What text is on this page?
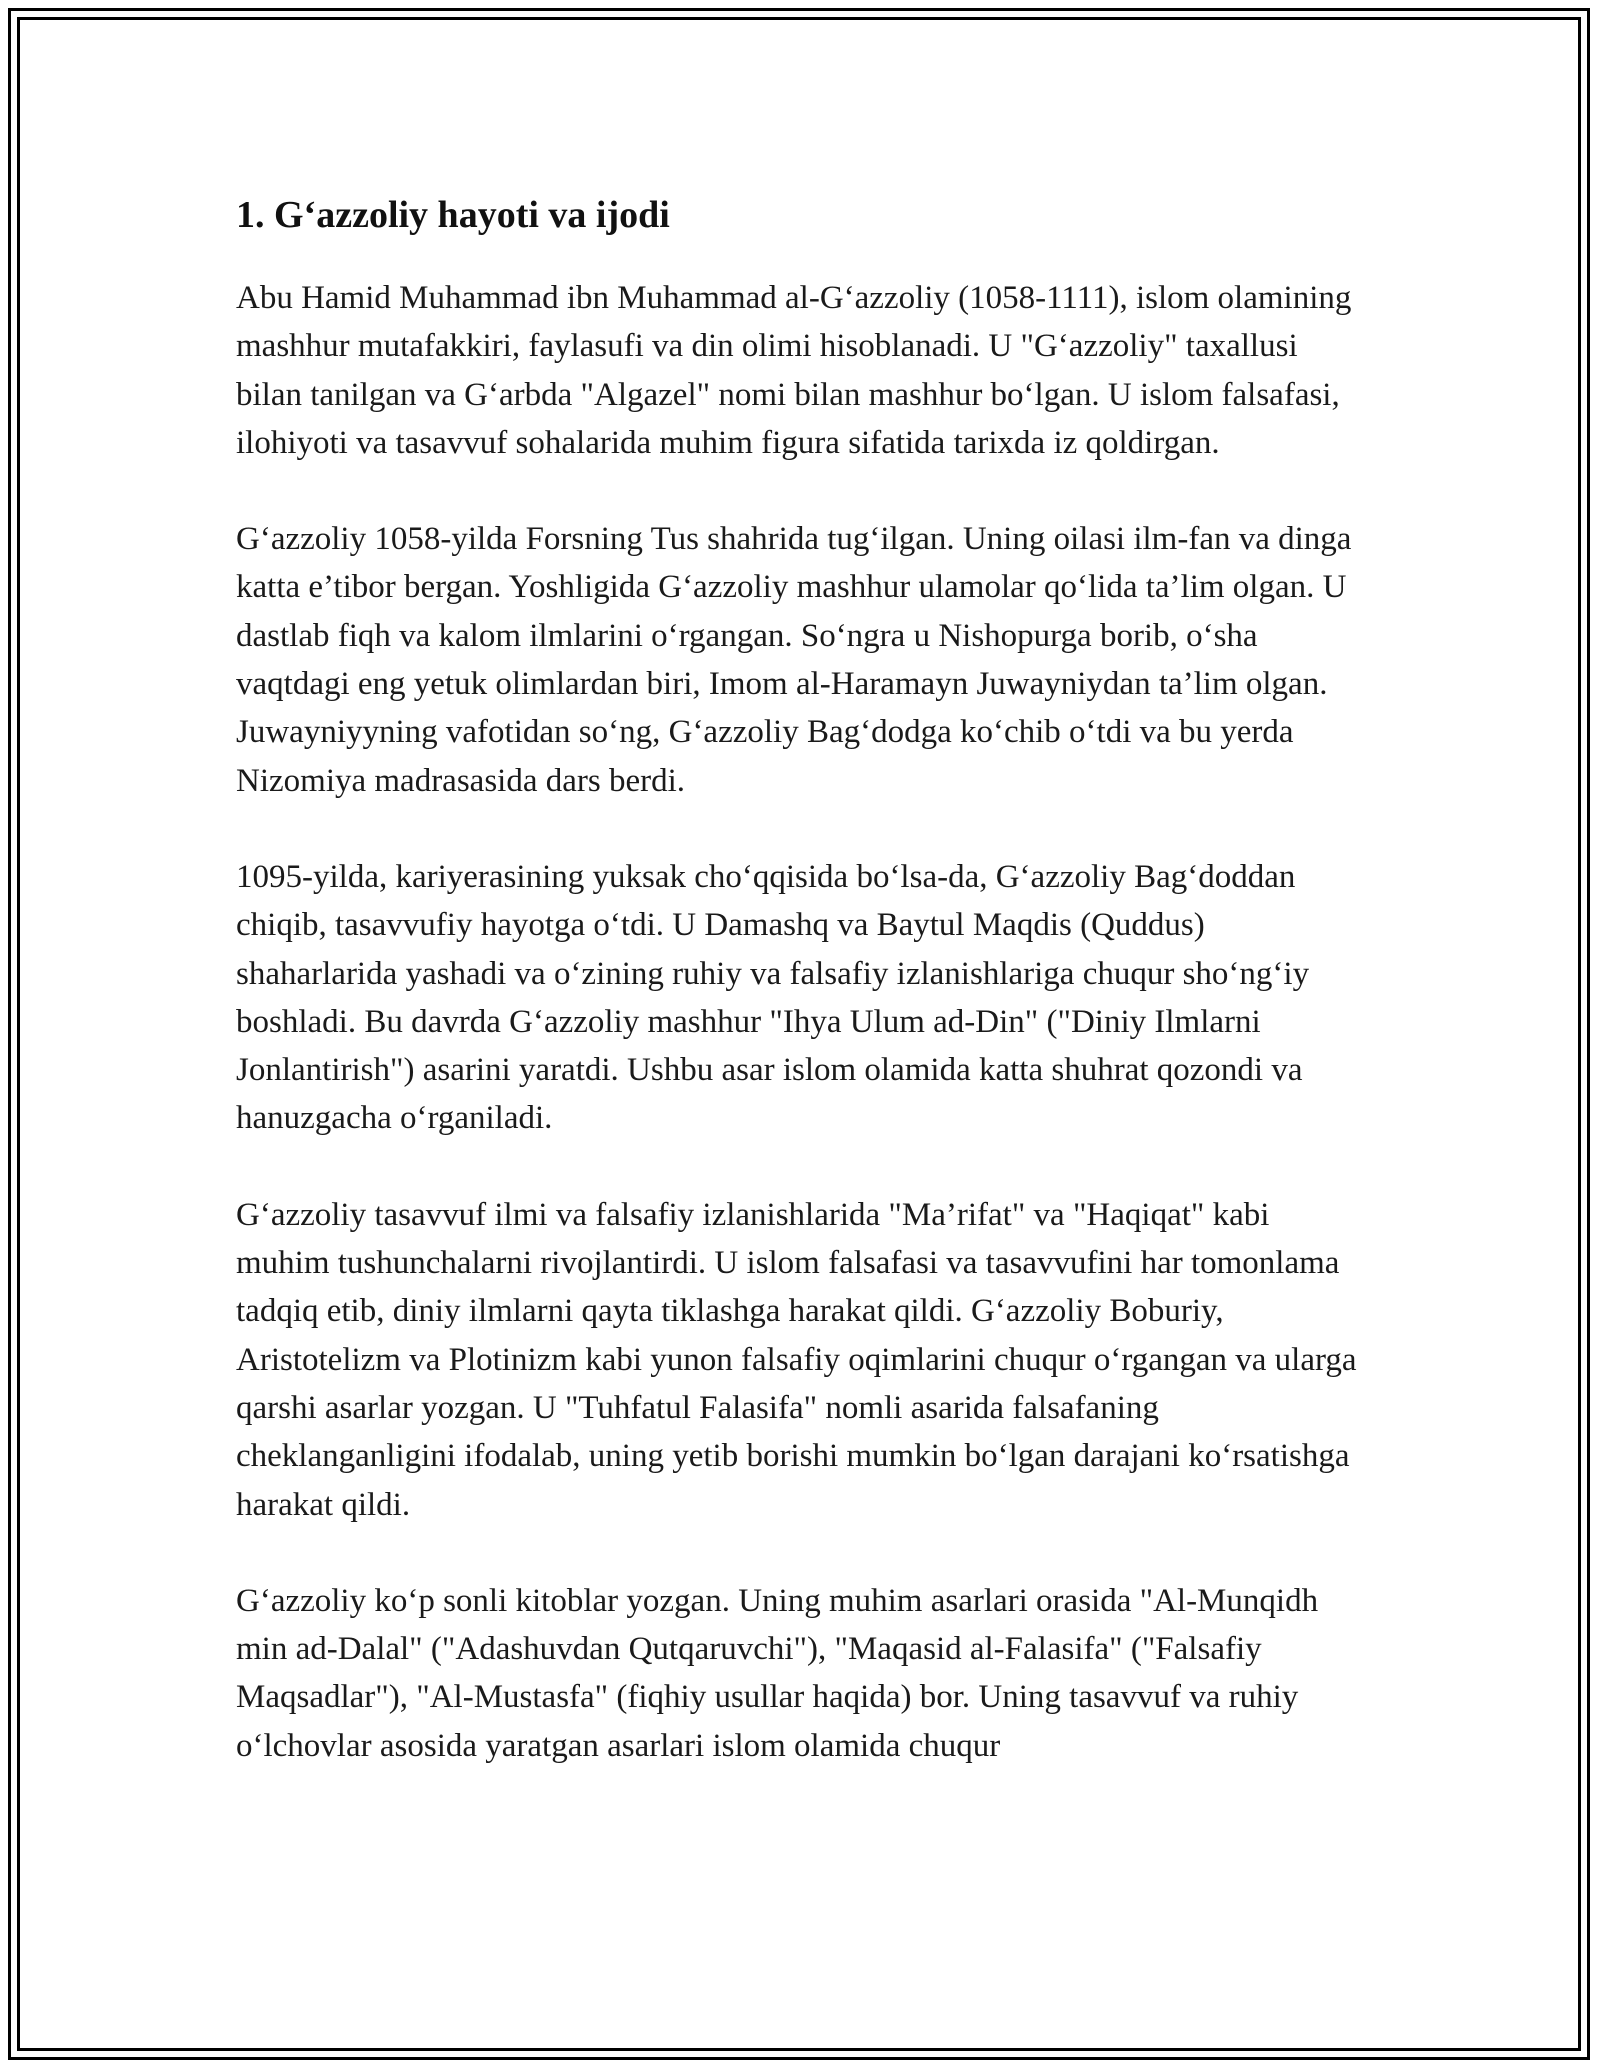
1. G‘azzoliy hayoti va ijodi

Abu Hamid Muhammad ibn Muhammad al-G‘azzoliy (1058-1111), islom olamining mashhur mutafakkiri, faylasufi va din olimi hisoblanadi. U "G‘azzoliy" taxallusi bilan tanilgan va G‘arbda "Algazel" nomi bilan mashhur bo‘lgan. U islom falsafasi, ilohiyoti va tasavvuf sohalarida muhim figura sifatida tarixda iz qoldirgan.

G‘azzoliy 1058-yilda Forsning Tus shahrida tug‘ilgan. Uning oilasi ilm-fan va dinga katta e’tibor bergan. Yoshligida G‘azzoliy mashhur ulamolar qo‘lida ta’lim olgan. U dastlab fiqh va kalom ilmlarini o‘rgangan. So‘ngra u Nishopurga borib, o‘sha vaqtdagi eng yetuk olimlardan biri, Imom al-Haramayn Juwayniydan ta’lim olgan. Juwayniyyning vafotidan so‘ng, G‘azzoliy Bag‘dodga ko‘chib o‘tdi va bu yerda Nizomiya madrasasida dars berdi.

1095-yilda, kariyerasining yuksak cho‘qqisida bo‘lsa-da, G‘azzoliy Bag‘doddan chiqib, tasavvufiy hayotga o‘tdi. U Damashq va Baytul Maqdis (Quddus) shaharlarida yashadi va o‘zining ruhiy va falsafiy izlanishlariga chuqur sho‘ng‘iy boshladi. Bu davrda G‘azzoliy mashhur "Ihya Ulum ad-Din" ("Diniy Ilmlarni Jonlantirish") asarini yaratdi. Ushbu asar islom olamida katta shuhrat qozondi va hanuzgacha o‘rganiladi.

G‘azzoliy tasavvuf ilmi va falsafiy izlanishlarida "Ma’rifat" va "Haqiqat" kabi muhim tushunchalarni rivojlantirdi. U islom falsafasi va tasavvufini har tomonlama tadqiq etib, diniy ilmlarni qayta tiklashga harakat qildi. G‘azzoliy Boburiy, Aristotelizm va Plotinizm kabi yunon falsafiy oqimlarini chuqur o‘rgangan va ularga qarshi asarlar yozgan. U "Tuhfatul Falasifa" nomli asarida falsafaning cheklanganligini ifodalab, uning yetib borishi mumkin bo‘lgan darajani ko‘rsatishga harakat qildi.

G‘azzoliy ko‘p sonli kitoblar yozgan. Uning muhim asarlari orasida "Al-Munqidh min ad-Dalal" ("Adashuvdan Qutqaruvchi"), "Maqasid al-Falasifa" ("Falsafiy Maqsadlar"), "Al-Mustasfa" (fiqhiy usullar haqida) bor. Uning tasavvuf va ruhiy o‘lchovlar asosida yaratgan asarlari islom olamida chuqur
